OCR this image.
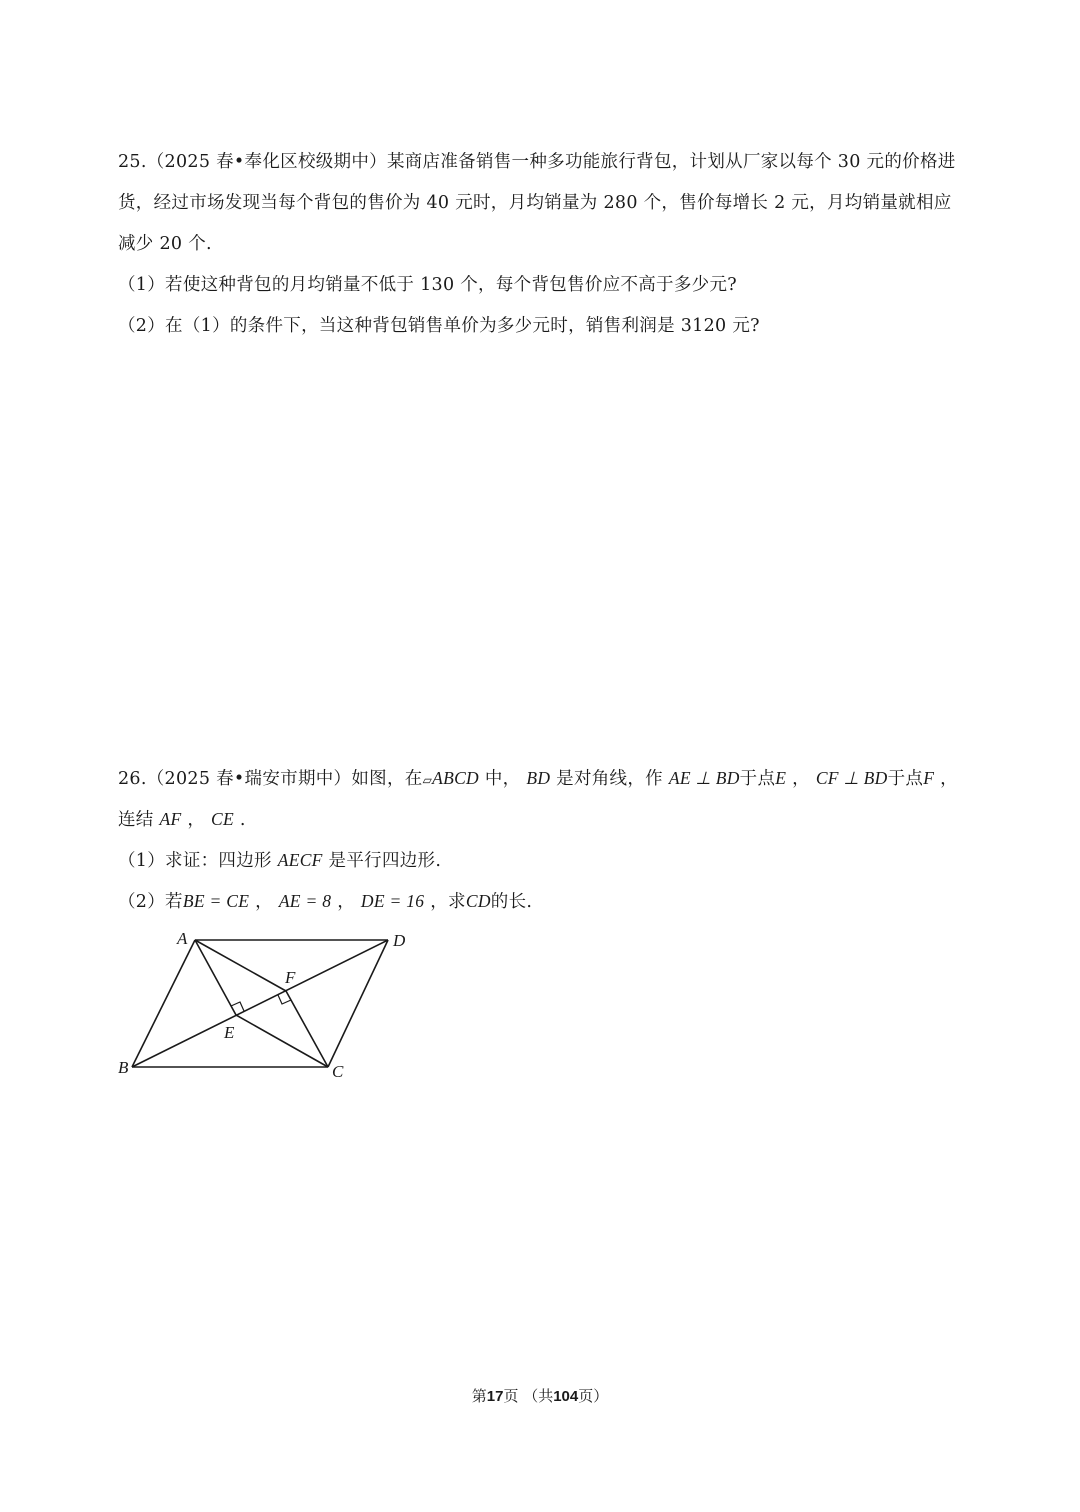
25.（2025 春•奉化区校级期中）某商店准备销售一种多功能旅行背包，计划从厂家以每个 30 元的价格进
货，经过市场发现当每个背包的售价为 40 元时，月均销量为 280 个，售价每增长 2 元，月均销量就相应
减少 20 个.
（1）若使这种背包的月均销量不低于 130 个，每个背包售价应不高于多少元?
（2）在（1）的条件下，当这种背包销售单价为多少元时，销售利润是 3120 元?
26.（2025 春•瑞安市期中）如图，在▱ABCD 中， BD 是对角线，作 AE ⊥ BD于点E ， CF ⊥ BD于点F ，
连结 AF ， CE .
（1）求证：四边形 AECF 是平行四边形.
（2）若BE = CE ， AE = 8 ， DE = 16 ，求CD的长.
A	D
B	C
E
F
第17页 （共104页）
